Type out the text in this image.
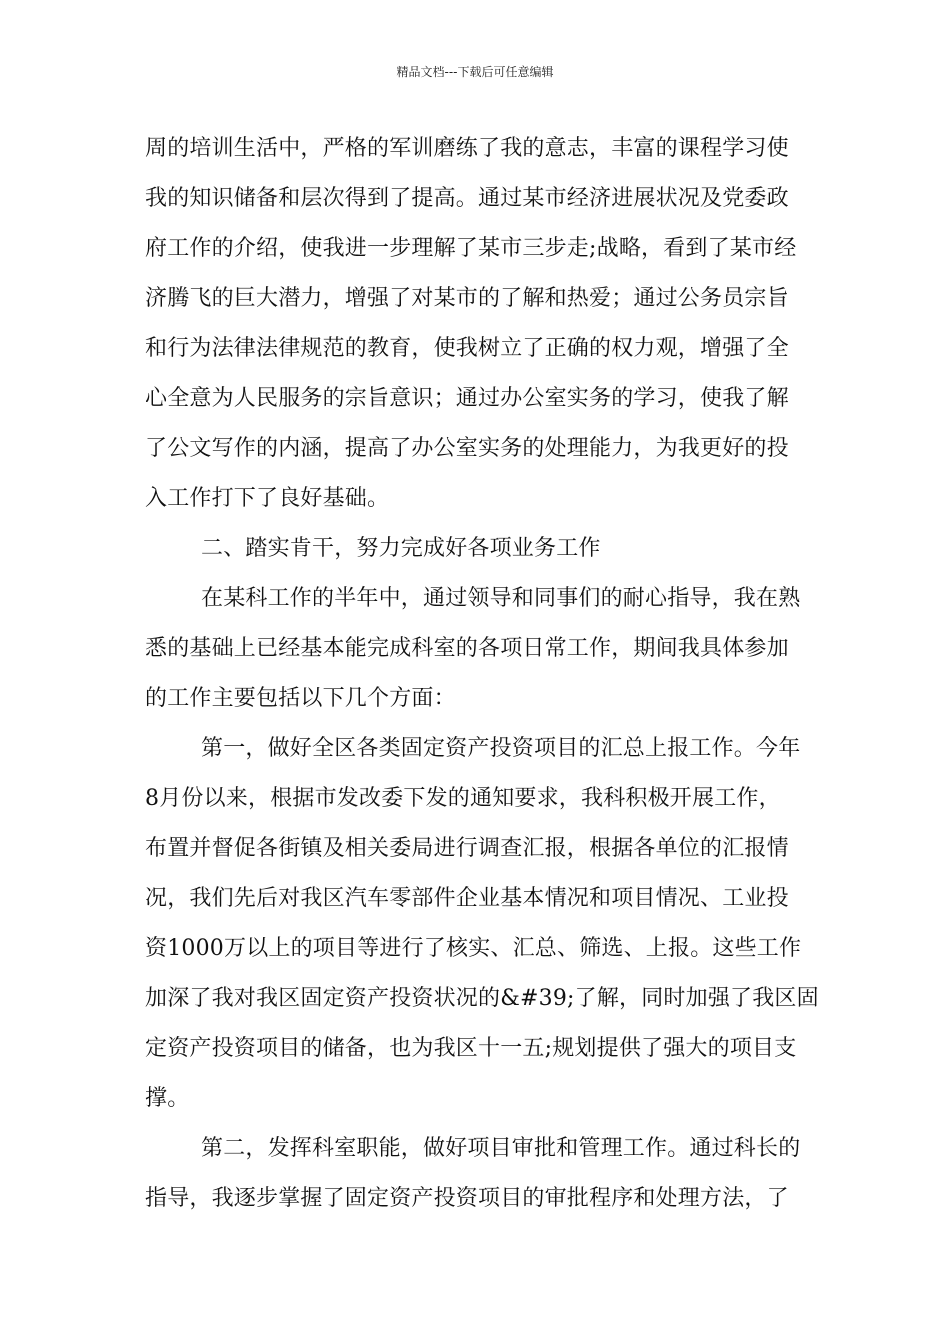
精品文档---下载后可任意编辑
周的培训生活中，严格的军训磨练了我的意志，丰富的课程学习使
我的知识储备和层次得到了提高。通过某市经济进展状况及党委政
府工作的介绍，使我进一步理解了某市三步走;战略，看到了某市经
济腾飞的巨大潜力，增强了对某市的了解和热爱；通过公务员宗旨
和行为法律法律规范的教育，使我树立了正确的权力观，增强了全
心全意为人民服务的宗旨意识；通过办公室实务的学习，使我了解
了公文写作的内涵，提高了办公室实务的处理能力，为我更好的投
入工作打下了良好基础。
二、踏实肯干，努力完成好各项业务工作
在某科工作的半年中，通过领导和同事们的耐心指导，我在熟
悉的基础上已经基本能完成科室的各项日常工作，期间我具体参加
的工作主要包括以下几个方面：
第一，做好全区各类固定资产投资项目的汇总上报工作。今年
8月份以来，根据市发改委下发的通知要求，我科积极开展工作，
布置并督促各街镇及相关委局进行调查汇报，根据各单位的汇报情
况，我们先后对我区汽车零部件企业基本情况和项目情况、工业投
资1000万以上的项目等进行了核实、汇总、筛选、上报。这些工作
加深了我对我区固定资产投资状况的&#39;了解，同时加强了我区固
定资产投资项目的储备，也为我区十一五;规划提供了强大的项目支
撑。
第二，发挥科室职能，做好项目审批和管理工作。通过科长的
指导，我逐步掌握了固定资产投资项目的审批程序和处理方法，了
